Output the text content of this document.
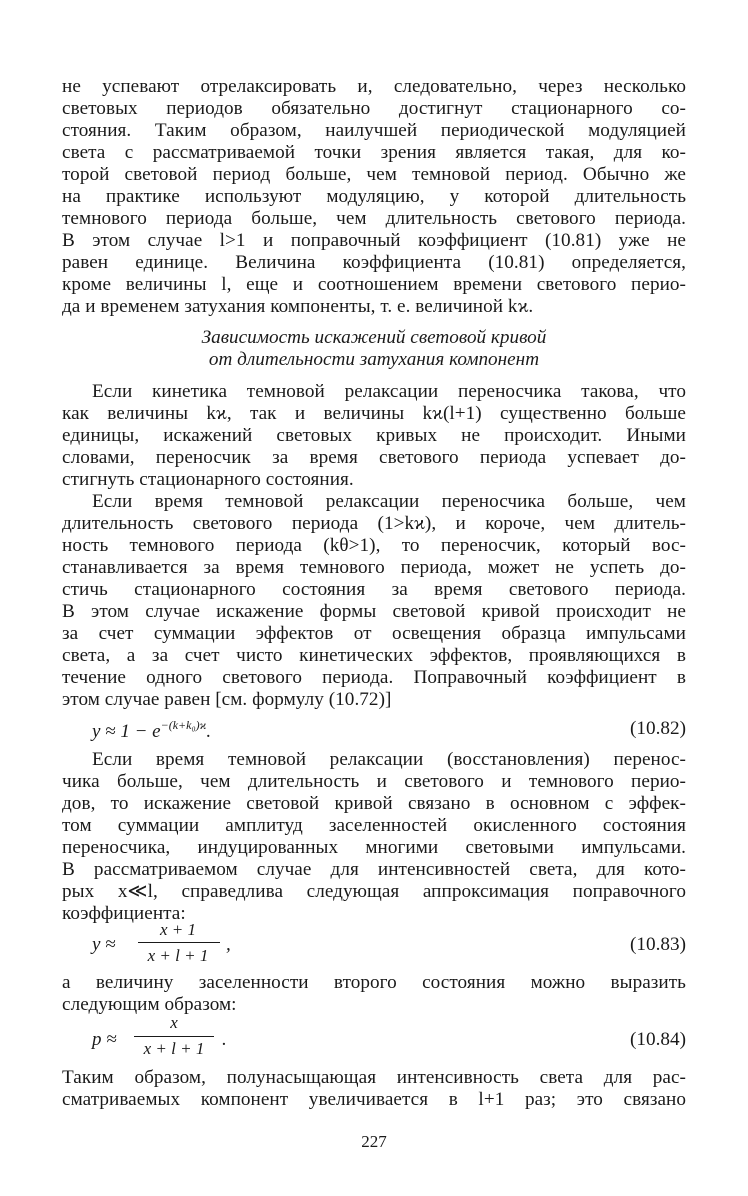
не успевают отрелаксировать и, следовательно, через несколько
световых периодов обязательно достигнут стационарного со-
стояния. Таким образом, наилучшей периодической модуляцией
света с рассматриваемой точки зрения является такая, для ко-
торой световой период больше, чем темновой период. Обычно же
на практике используют модуляцию, у которой длительность
темнового периода больше, чем длительность светового периода.
В этом случае l>1 и поправочный коэффициент (10.81) уже не
равен единице. Величина коэффициента (10.81) определяется,
кроме величины l, еще и соотношением времени светового перио-
да и временем затухания компоненты, т. е. величиной kϰ.
Зависимость искажений световой кривой
от длительности затухания компонент
Если кинетика темновой релаксации переносчика такова, что
как величины kϰ, так и величины kϰ(l+1) существенно больше
единицы, искажений световых кривых не происходит. Иными
словами, переносчик за время светового периода успевает до-
стигнуть стационарного состояния.
Если время темновой релаксации переносчика больше, чем
длительность светового периода (1>kϰ), и короче, чем длитель-
ность темнового периода (kθ>1), то переносчик, который вос-
станавливается за время темнового периода, может не успеть до-
стичь стационарного состояния за время светового периода.
В этом случае искажение формы световой кривой происходит не
за счет суммации эффектов от освещения образца импульсами
света, а за счет чисто кинетических эффектов, проявляющихся в
течение одного светового периода. Поправочный коэффициент в
этом случае равен [см. формулу (10.72)]
$y \approx 1 - e^{-(k+k_0)ϰ}$.	(10.82)
Если время темновой релаксации (восстановления) перенос-
чика больше, чем длительность и светового и темнового перио-
дов, то искажение световой кривой связано в основном с эффек-
том суммации амплитуд заселенностей окисленного состояния
переносчика, индуцированных многими световыми импульсами.
В рассматриваемом случае для интенсивностей света, для кото-
рых x≪l, справедлива следующая аппроксимация поправочного
коэффициента:
y ≈
x + 1
x + l + 1
,	(10.83)
а величину заселенности второго состояния можно выразить
следующим образом:
p ≈
x
x + l + 1 .	(10.84)
Таким образом, полунасыщающая интенсивность света для рас-
сматриваемых компонент увеличивается в l+1 раз; это связано
227
